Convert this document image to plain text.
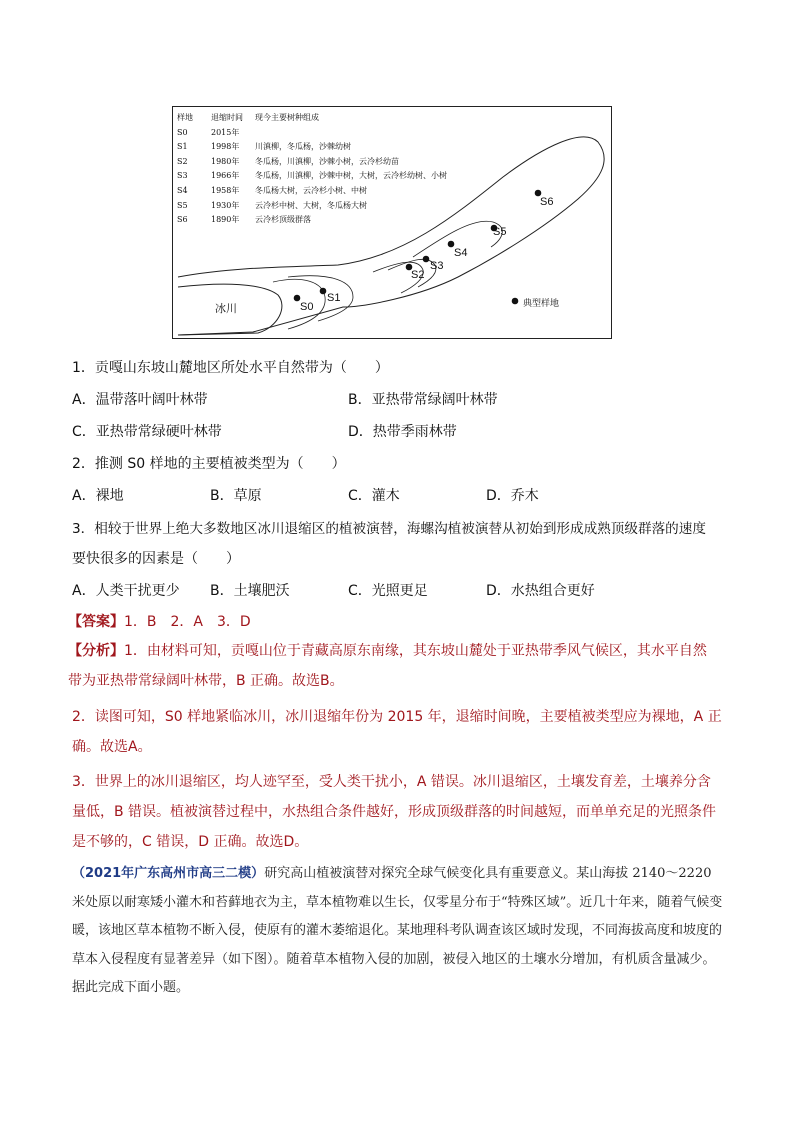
样地	退缩时间	现今主要树种组成
S0	2015年
S1	1998年	川滇柳，冬瓜杨，沙棘幼树
S2	1980年	冬瓜杨，川滇柳，沙棘小树，云冷杉幼苗
S3	1966年	冬瓜杨，川滇柳，沙棘中树，大树，云冷杉幼树、小树
S4	1958年	冬瓜杨大树，云冷杉小树、中树
S5	1930年	云冷杉中树、大树，冬瓜杨大树
S6	1890年	云冷杉顶级群落
S0
S1
S2
S3
S4
S5
S6
冰川	典型样地
1．贡嘎山东坡山麓地区所处水平自然带为（　　）
A．温带落叶阔叶林带	B．亚热带常绿阔叶林带
C．亚热带常绿硬叶林带	D．热带季雨林带
2．推测 S0 样地的主要植被类型为（　　）
A．裸地	B．草原	C．灌木	D．乔木
3．相较于世界上绝大多数地区冰川退缩区的植被演替，海螺沟植被演替从初始到形成成熟顶级群落的速度
要快很多的因素是（　　）
A．人类干扰更少 B．土壤肥沃	C．光照更足	D．水热组合更好
【答案】1．B　2．A　3．D
【分析】1．由材料可知，贡嘎山位于青藏高原东南缘，其东坡山麓处于亚热带季风气候区，其水平自然带为亚热带常绿阔叶林带，B 正确。故选B。
2．读图可知，S0 样地紧临冰川，冰川退缩年份为 2015 年，退缩时间晚，主要植被类型应为裸地，A 正确。故选A。
3．世界上的冰川退缩区，均人迹罕至，受人类干扰小，A 错误。冰川退缩区，土壤发育差，土壤养分含量低，B 错误。植被演替过程中，水热组合条件越好，形成顶级群落的时间越短，而单单充足的光照条件是不够的，C 错误，D 正确。故选D。
（2021年广东高州市高三二模）研究高山植被演替对探究全球气候变化具有重要意义。某山海拔 2140～2220 米处原以耐寒矮小灌木和苔藓地衣为主，草本植物难以生长，仅零星分布于“特殊区域”。近几十年来，随着气候变暖，该地区草本植物不断入侵，使原有的灌木萎缩退化。某地理科考队调查该区域时发现，不同海拔高度和坡度的草本入侵程度有显著差异（如下图）。随着草本植物入侵的加剧，被侵入地区的土壤水分增加，有机质含量减少。据此完成下面小题。
